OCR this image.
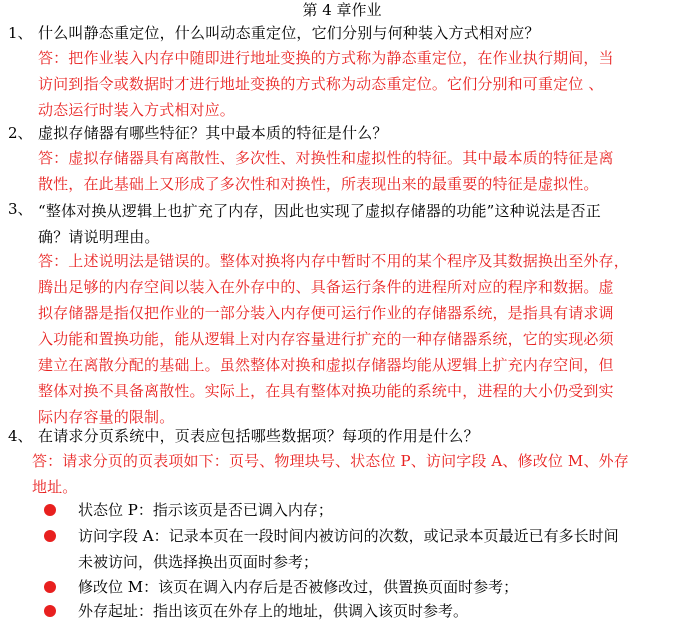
第 4 章作业
1、 什么叫静态重定位，什么叫动态重定位，它们分别与何种装入方式相对应？
答：把作业装入内存中随即进行地址变换的方式称为静态重定位，在作业执行期间，当
访问到指令或数据时才进行地址变换的方式称为动态重定位。它们分别和可重定位 、
动态运行时装入方式相对应。
2、 虚拟存储器有哪些特征？其中最本质的特征是什么？
答：虚拟存储器具有离散性、多次性、对换性和虚拟性的特征。其中最本质的特征是离
散性，在此基础上又形成了多次性和对换性，所表现出来的最重要的特征是虚拟性。
3、 “整体对换从逻辑上也扩充了内存，因此也实现了虚拟存储器的功能”这种说法是否正
确？请说明理由。
答：上述说明法是错误的。整体对换将内存中暂时不用的某个程序及其数据换出至外存，
腾出足够的内存空间以装入在外存中的、具备运行条件的进程所对应的程序和数据。虚
拟存储器是指仅把作业的一部分装入内存便可运行作业的存储器系统，是指具有请求调
入功能和置换功能，能从逻辑上对内存容量进行扩充的一种存储器系统，它的实现必须
建立在离散分配的基础上。虽然整体对换和虚拟存储器均能从逻辑上扩充内存空间，但
整体对换不具备离散性。实际上，在具有整体对换功能的系统中，进程的大小仍受到实
际内存容量的限制。
4、 在请求分页系统中，页表应包括哪些数据项？每项的作用是什么？
答：请求分页的页表项如下：页号、物理块号、状态位 P、访问字段 A、修改位 M、外存
地址。
状态位 P：指示该页是否已调入内存；
访问字段 A：记录本页在一段时间内被访问的次数，或记录本页最近已有多长时间
未被访问，供选择换出页面时参考；
修改位 M：该页在调入内存后是否被修改过，供置换页面时参考；
外存起址：指出该页在外存上的地址，供调入该页时参考。
